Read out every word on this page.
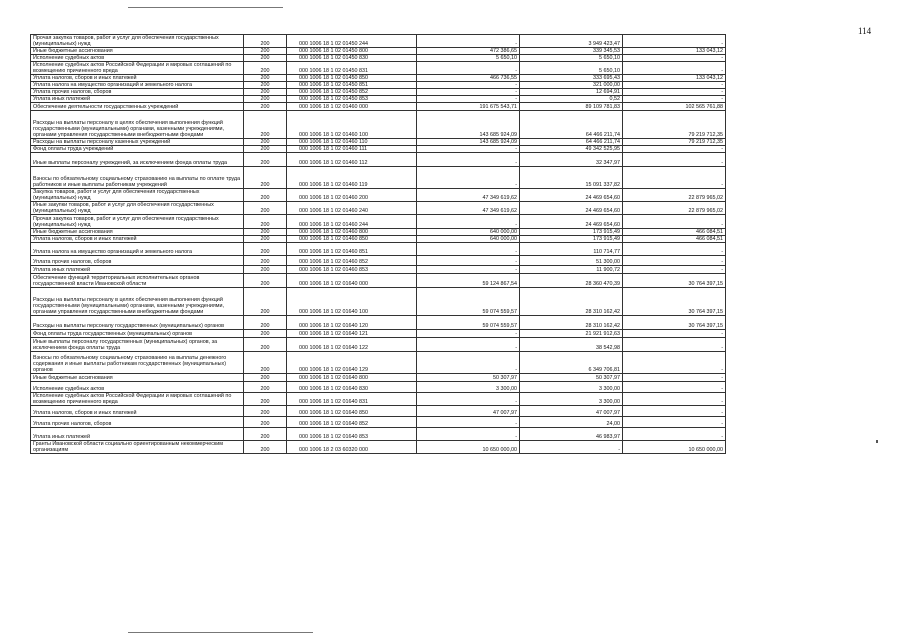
114
Прочая закупка товаров, работ и услуг для обеспечения государственных (муниципальных) нужд	200	000 1006 18 1 02 01450 244	-	3 949 423,47	-
Иные бюджетные ассигнования	200	000 1006 18 1 02 01450 800	472 386,65	339 345,53	133 043,12
Исполнение судебных актов	200	000 1006 18 1 02 01450 830	5 650,10	5 650,10	-
Исполнение судебных актов Российской Федерации и мировых соглашений по возмещению причиненного вреда	200	000 1006 18 1 02 01450 831	-	5 650,10	-
Уплата налогов, сборов и иных платежей	200	000 1006 18 1 02 01450 850	466 736,55	333 695,43	133 043,12
Уплата налога на имущество организаций и земельного налога	200	000 1006 18 1 02 01450 851	-	321 000,00	-
Уплата прочих налогов, сборов	200	000 1006 18 1 02 01450 852	-	12 694,91	-
Уплата иных платежей	200	000 1006 18 1 02 01450 853	-	0,52	-
Обеспечение деятельности государственных учреждений	200	000 1006 18 1 02 01460 000	191 675 543,71	89 109 781,83	102 565 761,88
Расходы на выплаты персоналу в целях обеспечения выполнения функций государственными (муниципальными) органами, казенными учреждениями, органами управления государственными внебюджетными фондами	200	000 1006 18 1 02 01460 100	143 685 924,09	64 466 211,74	79 219 712,35
Расходы на выплаты персоналу казенных учреждений	200	000 1006 18 1 02 01460 110	143 685 924,09	64 466 211,74	79 219 712,35
Фонд оплаты труда учреждений	200	000 1006 18 1 02 01460 111	-	49 342 525,95	-
Иные выплаты персоналу учреждений, за исключением фонда оплаты труда	200	000 1006 18 1 02 01460 112	-	32 347,97	-
Взносы по обязательному социальному страхованию на выплаты по оплате труда работников и иные выплаты работникам учреждений	200	000 1006 18 1 02 01460 119	-	15 091 337,82	-
Закупка товаров, работ и услуг для обеспечения государственных (муниципальных) нужд	200	000 1006 18 1 02 01460 200	47 349 619,62	24 469 654,60	22 879 965,02
Иные закупки товаров, работ и услуг для обеспечения государственных (муниципальных) нужд	200	000 1006 18 1 02 01460 240	47 349 619,62	24 469 654,60	22 879 965,02
Прочая закупка товаров, работ и услуг для обеспечения государственных (муниципальных) нужд	200	000 1006 18 1 02 01460 244	-	24 469 654,60	-
Иные бюджетные ассигнования	200	000 1006 18 1 02 01460 800	640 000,00	173 915,49	466 084,51
Уплата налогов, сборов и иных платежей	200	000 1006 18 1 02 01460 850	640 000,00	173 915,49	466 084,51
Уплата налога на имущество организаций и земельного налога	200	000 1006 18 1 02 01460 851	-	110 714,77	-
Уплата прочих налогов, сборов	200	000 1006 18 1 02 01460 852	-	51 300,00	-
Уплата иных платежей	200	000 1006 18 1 02 01460 853	-	11 900,72	-
Обеспечение функций территориальных исполнительных органов государственной власти Ивановской области	200	000 1006 18 1 02 01640 000	59 124 867,54	28 360 470,39	30 764 397,15
Расходы на выплаты персоналу в целях обеспечения выполнения функций государственными (муниципальными) органами, казенными учреждениями, органами управления государственными внебюджетными фондами	200	000 1006 18 1 02 01640 100	59 074 559,57	28 310 162,42	30 764 397,15
Расходы на выплаты персоналу государственных (муниципальных) органов	200	000 1006 18 1 02 01640 120	59 074 559,57	28 310 162,42	30 764 397,15
Фонд оплаты труда государственных (муниципальных) органов	200	000 1006 18 1 02 01640 121	-	21 921 912,63	-
Иные выплаты персоналу государственных (муниципальных) органов, за исключением фонда оплаты труда	200	000 1006 18 1 02 01640 122	-	38 542,98	-
Взносы по обязательному социальному страхованию на выплаты денежного содержания и иные выплаты работникам государственных (муниципальных) органов	200	000 1006 18 1 02 01640 129	-	6 349 706,81	-
Иные бюджетные ассигнования	200	000 1006 18 1 02 01640 800	50 307,97	50 307,97	-
Исполнение судебных актов	200	000 1006 18 1 02 01640 830	3 300,00	3 300,00	-
Исполнение судебных актов Российской Федерации и мировых соглашений по возмещению причиненного вреда	200	000 1006 18 1 02 01640 831	-	3 300,00	-
Уплата налогов, сборов и иных платежей	200	000 1006 18 1 02 01640 850	47 007,97	47 007,97	-
Уплата прочих налогов, сборов	200	000 1006 18 1 02 01640 852	-	24,00	-
Уплата иных платежей	200	000 1006 18 1 02 01640 853	-	46 983,97	-
Гранты Ивановской области социально ориентированным некоммерческим организациям	200	000 1006 18 2 03 60320 000	10 650 000,00	-	10 650 000,00
